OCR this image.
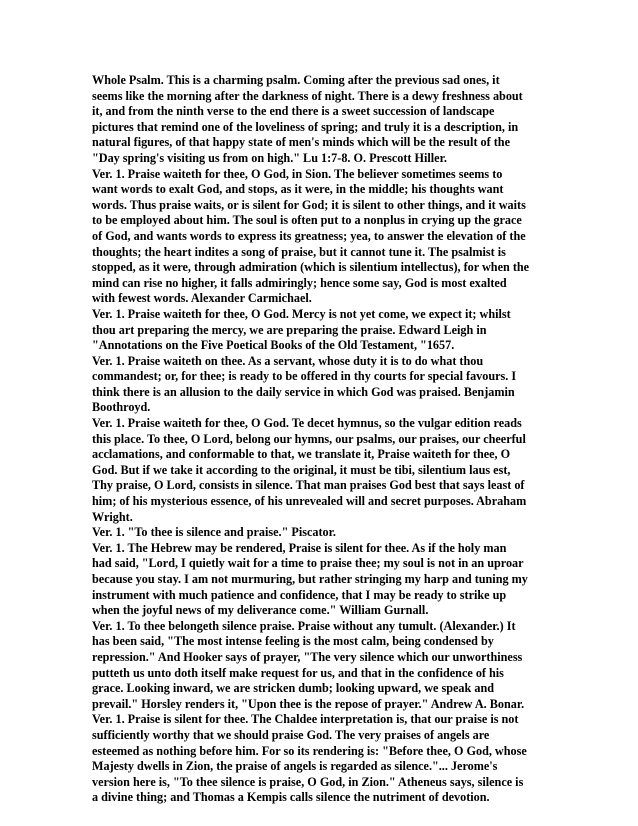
Whole Psalm. This is a charming psalm. Coming after the previous sad ones, it
seems like the morning after the darkness of night. There is a dewy freshness about
it, and from the ninth verse to the end there is a sweet succession of landscape
pictures that remind one of the loveliness of spring; and truly it is a description, in
natural figures, of that happy state of men's minds which will be the result of the
"Day spring's visiting us from on high." Lu 1:7-8. O. Prescott Hiller.
Ver. 1. Praise waiteth for thee, O God, in Sion. The believer sometimes seems to
want words to exalt God, and stops, as it were, in the middle; his thoughts want
words. Thus praise waits, or is silent for God; it is silent to other things, and it waits
to be employed about him. The soul is often put to a nonplus in crying up the grace
of God, and wants words to express its greatness; yea, to answer the elevation of the
thoughts; the heart indites a song of praise, but it cannot tune it. The psalmist is
stopped, as it were, through admiration (which is silentium intellectus), for when the
mind can rise no higher, it falls admiringly; hence some say, God is most exalted
with fewest words. Alexander Carmichael.
Ver. 1. Praise waiteth for thee, O God. Mercy is not yet come, we expect it; whilst
thou art preparing the mercy, we are preparing the praise. Edward Leigh in
"Annotations on the Five Poetical Books of the Old Testament, "1657.
Ver. 1. Praise waiteth on thee. As a servant, whose duty it is to do what thou
commandest; or, for thee; is ready to be offered in thy courts for special favours. I
think there is an allusion to the daily service in which God was praised. Benjamin
Boothroyd.
Ver. 1. Praise waiteth for thee, O God. Te decet hymnus, so the vulgar edition reads
this place. To thee, O Lord, belong our hymns, our psalms, our praises, our cheerful
acclamations, and conformable to that, we translate it, Praise waiteth for thee, O
God. But if we take it according to the original, it must be tibi, silentium laus est,
Thy praise, O Lord, consists in silence. That man praises God best that says least of
him; of his mysterious essence, of his unrevealed will and secret purposes. Abraham
Wright.
Ver. 1. "To thee is silence and praise." Piscator.
Ver. 1. The Hebrew may be rendered, Praise is silent for thee. As if the holy man
had said, "Lord, I quietly wait for a time to praise thee; my soul is not in an uproar
because you stay. I am not murmuring, but rather stringing my harp and tuning my
instrument with much patience and confidence, that I may be ready to strike up
when the joyful news of my deliverance come." William Gurnall.
Ver. 1. To thee belongeth silence praise. Praise without any tumult. (Alexander.) It
has been said, "The most intense feeling is the most calm, being condensed by
repression." And Hooker says of prayer, "The very silence which our unworthiness
putteth us unto doth itself make request for us, and that in the confidence of his
grace. Looking inward, we are stricken dumb; looking upward, we speak and
prevail." Horsley renders it, "Upon thee is the repose of prayer." Andrew A. Bonar.
Ver. 1. Praise is silent for thee. The Chaldee interpretation is, that our praise is not
sufficiently worthy that we should praise God. The very praises of angels are
esteemed as nothing before him. For so its rendering is: "Before thee, O God, whose
Majesty dwells in Zion, the praise of angels is regarded as silence."... Jerome's
version here is, "To thee silence is praise, O God, in Zion." Atheneus says, silence is
a divine thing; and Thomas a Kempis calls silence the nutriment of devotion.
